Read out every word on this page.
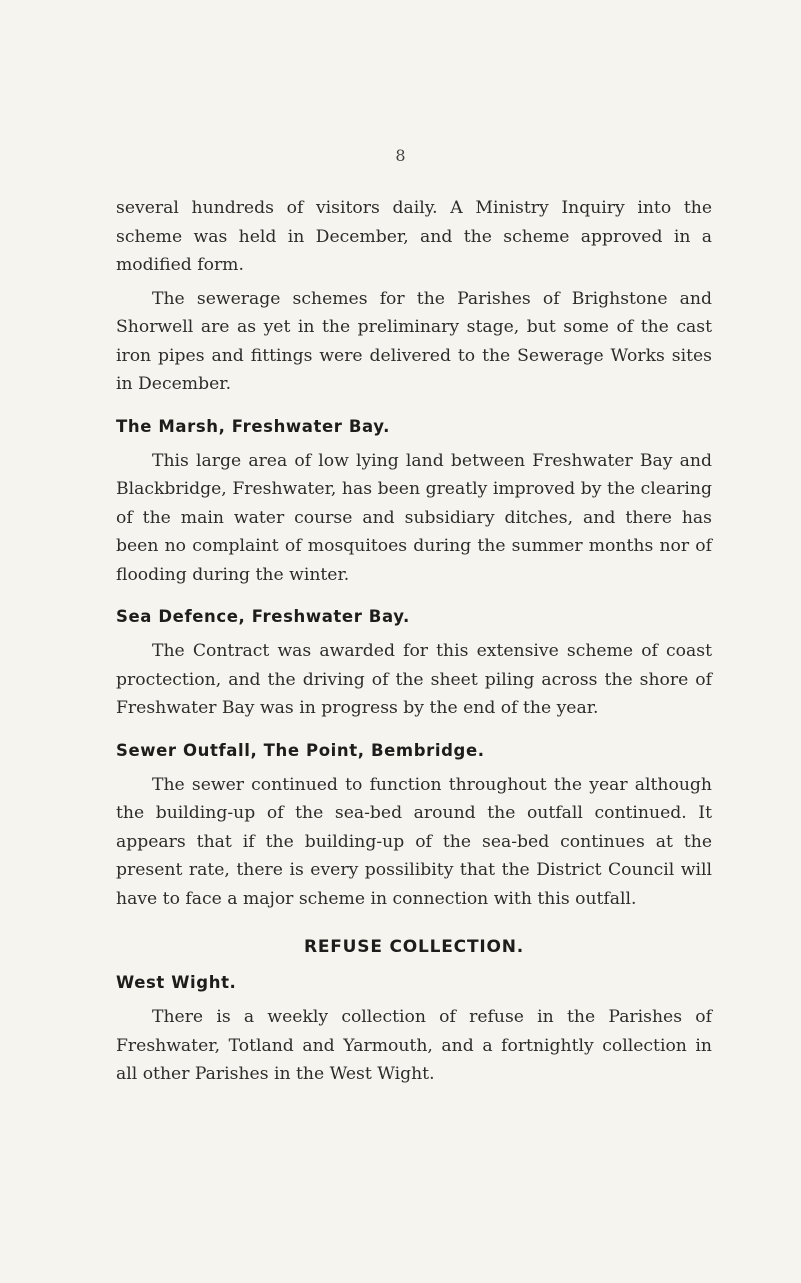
8

several hundreds of visitors daily. A Ministry Inquiry into the scheme was held in December, and the scheme approved in a modified form.

The sewerage schemes for the Parishes of Brighstone and Shorwell are as yet in the preliminary stage, but some of the cast iron pipes and fittings were delivered to the Sewerage Works sites in December.

The Marsh, Freshwater Bay.

This large area of low lying land between Freshwater Bay and Blackbridge, Freshwater, has been greatly improved by the clearing of the main water course and subsidiary ditches, and there has been no complaint of mosquitoes during the summer months nor of flooding during the winter.

Sea Defence, Freshwater Bay.

The Contract was awarded for this extensive scheme of coast proctection, and the driving of the sheet piling across the shore of Freshwater Bay was in progress by the end of the year.

Sewer Outfall, The Point, Bembridge.

The sewer continued to function throughout the year although the building-up of the sea-bed around the outfall continued. It appears that if the building-up of the sea-bed continues at the present rate, there is every possilibity that the District Council will have to face a major scheme in connection with this outfall.

REFUSE COLLECTION.
West Wight.

There is a weekly collection of refuse in the Parishes of Freshwater, Totland and Yarmouth, and a fortnightly collection in all other Parishes in the West Wight.
